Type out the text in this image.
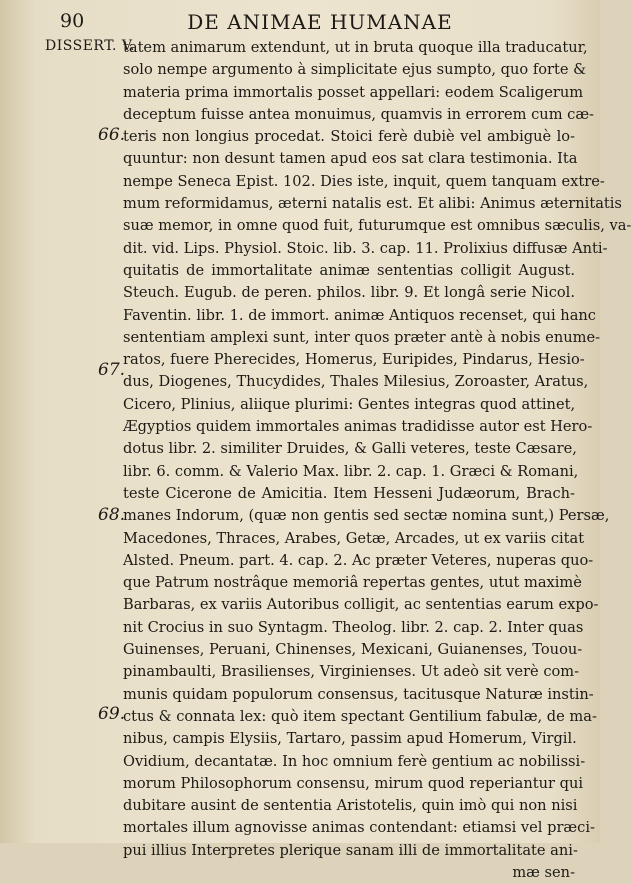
90	DE ANIMAE HUMANAE
DISSERT. V.
66.
67.
68.
69.
tatem animarum extendunt, ut in bruta quoque illa traducatur,
solo nempe argumento à simplicitate ejus sumpto, quo forte &
materia prima immortalis posset appellari: eodem Scaligerum
deceptum fuisse antea monuimus, quamvis in errorem cum cæ-
teris non longius procedat. Stoici ferè dubiè vel ambiguè lo-
quuntur: non desunt tamen apud eos sat clara testimonia. Ita
nempe Seneca Epist. 102. Dies iste, inquit, quem tanquam extre-
mum reformidamus, æterni natalis est. Et alibi: Animus æternitatis
suæ memor, in omne quod fuit, futurumque est omnibus sæculis, va-
dit. vid. Lips. Physiol. Stoic. lib. 3. cap. 11. Prolixius diffusæ Anti-
quitatis de immortalitate animæ sententias colligit August.
Steuch. Eugub. de peren. philos. libr. 9. Et longâ serie Nicol.
Faventin. libr. 1. de immort. animæ Antiquos recenset, qui hanc
sententiam amplexi sunt, inter quos præter antè à nobis enume-
ratos, fuere Pherecides, Homerus, Euripides, Pindarus, Hesio-
dus, Diogenes, Thucydides, Thales Milesius, Zoroaster, Aratus,
Cicero, Plinius, aliique plurimi: Gentes integras quod attinet,
Ægyptios quidem immortales animas tradidisse autor est Hero-
dotus libr. 2. similiter Druides, & Galli veteres, teste Cæsare,
libr. 6. comm. & Valerio Max. libr. 2. cap. 1. Græci & Romani,
teste Cicerone de Amicitia. Item Hesseni Judæorum, Brach-
manes Indorum, (quæ non gentis sed sectæ nomina sunt,) Persæ,
Macedones, Thraces, Arabes, Getæ, Arcades, ut ex variis citat
Alsted. Pneum. part. 4. cap. 2. Ac præter Veteres, nuperas quo-
que Patrum nostrâque memoriâ repertas gentes, utut maximè
Barbaras, ex variis Autoribus colligit, ac sententias earum expo-
nit Crocius in suo Syntagm. Theolog. libr. 2. cap. 2. Inter quas
Guinenses, Peruani, Chinenses, Mexicani, Guianenses, Touou-
pinambaulti, Brasilienses, Virginienses. Ut adeò sit verè com-
munis quidam populorum consensus, tacitusque Naturæ instin-
ctus & connata lex: quò item spectant Gentilium fabulæ, de ma-
nibus, campis Elysiis, Tartaro, passim apud Homerum, Virgil.
Ovidium, decantatæ. In hoc omnium ferè gentium ac nobilissi-
morum Philosophorum consensu, mirum quod reperiantur qui
dubitare ausint de sententia Aristotelis, quin imò qui non nisi
mortales illum agnovisse animas contendant: etiamsi vel præci-
pui illius Interpretes plerique sanam illi de immortalitate ani-
mæ sen-
